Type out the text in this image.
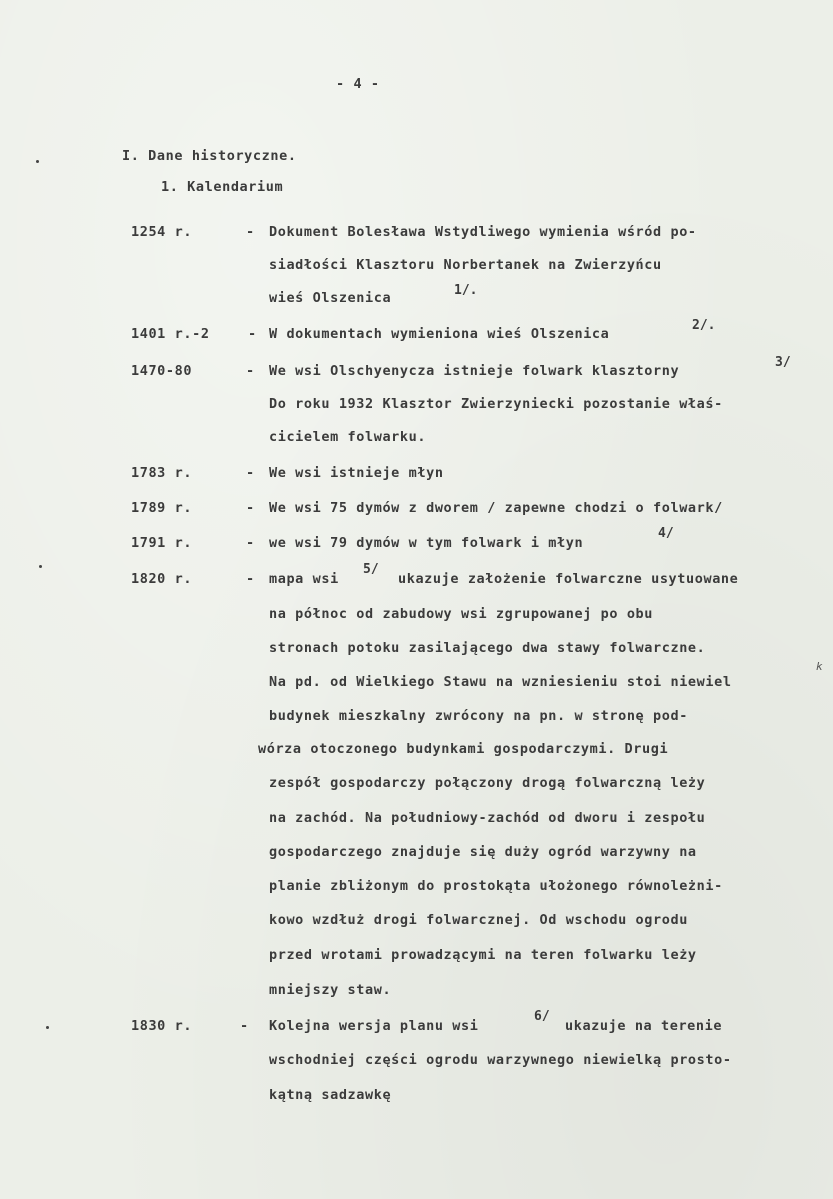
- 4 -
I. Dane historyczne.
1. Kalendarium
1254 r.	- Dokument Bolesława Wstydliwego wymienia wśród po-
siadłości Klasztoru Norbertanek na Zwierzyńcu
wieś Olszenica	1/.
1401 r.-2	- W dokumentach wymieniona wieś Olszenica
2/.
1470-80	- We wsi Olschyenycza istnieje folwark klasztorny
3/
Do roku 1932 Klasztor Zwierzyniecki pozostanie właś-
cicielem folwarku.
1783 r.	- We wsi istnieje młyn
1789 r.	- We wsi 75 dymów z dworem / zapewne chodzi o folwark/
1791 r.	- we wsi 79 dymów w tym folwark i młyn
4/
1820 r.	- mapa wsi
5/
ukazuje założenie folwarczne usytuowane
na północ od zabudowy wsi zgrupowanej po obu
stronach potoku zasilającego dwa stawy folwarczne.
Na pd. od Wielkiego Stawu na wzniesieniu stoi niewiel
budynek mieszkalny zwrócony na pn. w stronę pod-
wórza otoczonego budynkami gospodarczymi. Drugi
zespół gospodarczy połączony drogą folwarczną leży
na zachód. Na południowy-zachód od dworu i zespołu
gospodarczego znajduje się duży ogród warzywny na
planie zbliżonym do prostokąta ułożonego równoleżni-
kowo wzdłuż drogi folwarcznej. Od wschodu ogrodu
przed wrotami prowadzącymi na teren folwarku leży
mniejszy staw.
1830 r.	- Kolejna wersja planu wsi
6/
ukazuje na terenie
wschodniej części ogrodu warzywnego niewielką prosto-
kątną sadzawkę
k
